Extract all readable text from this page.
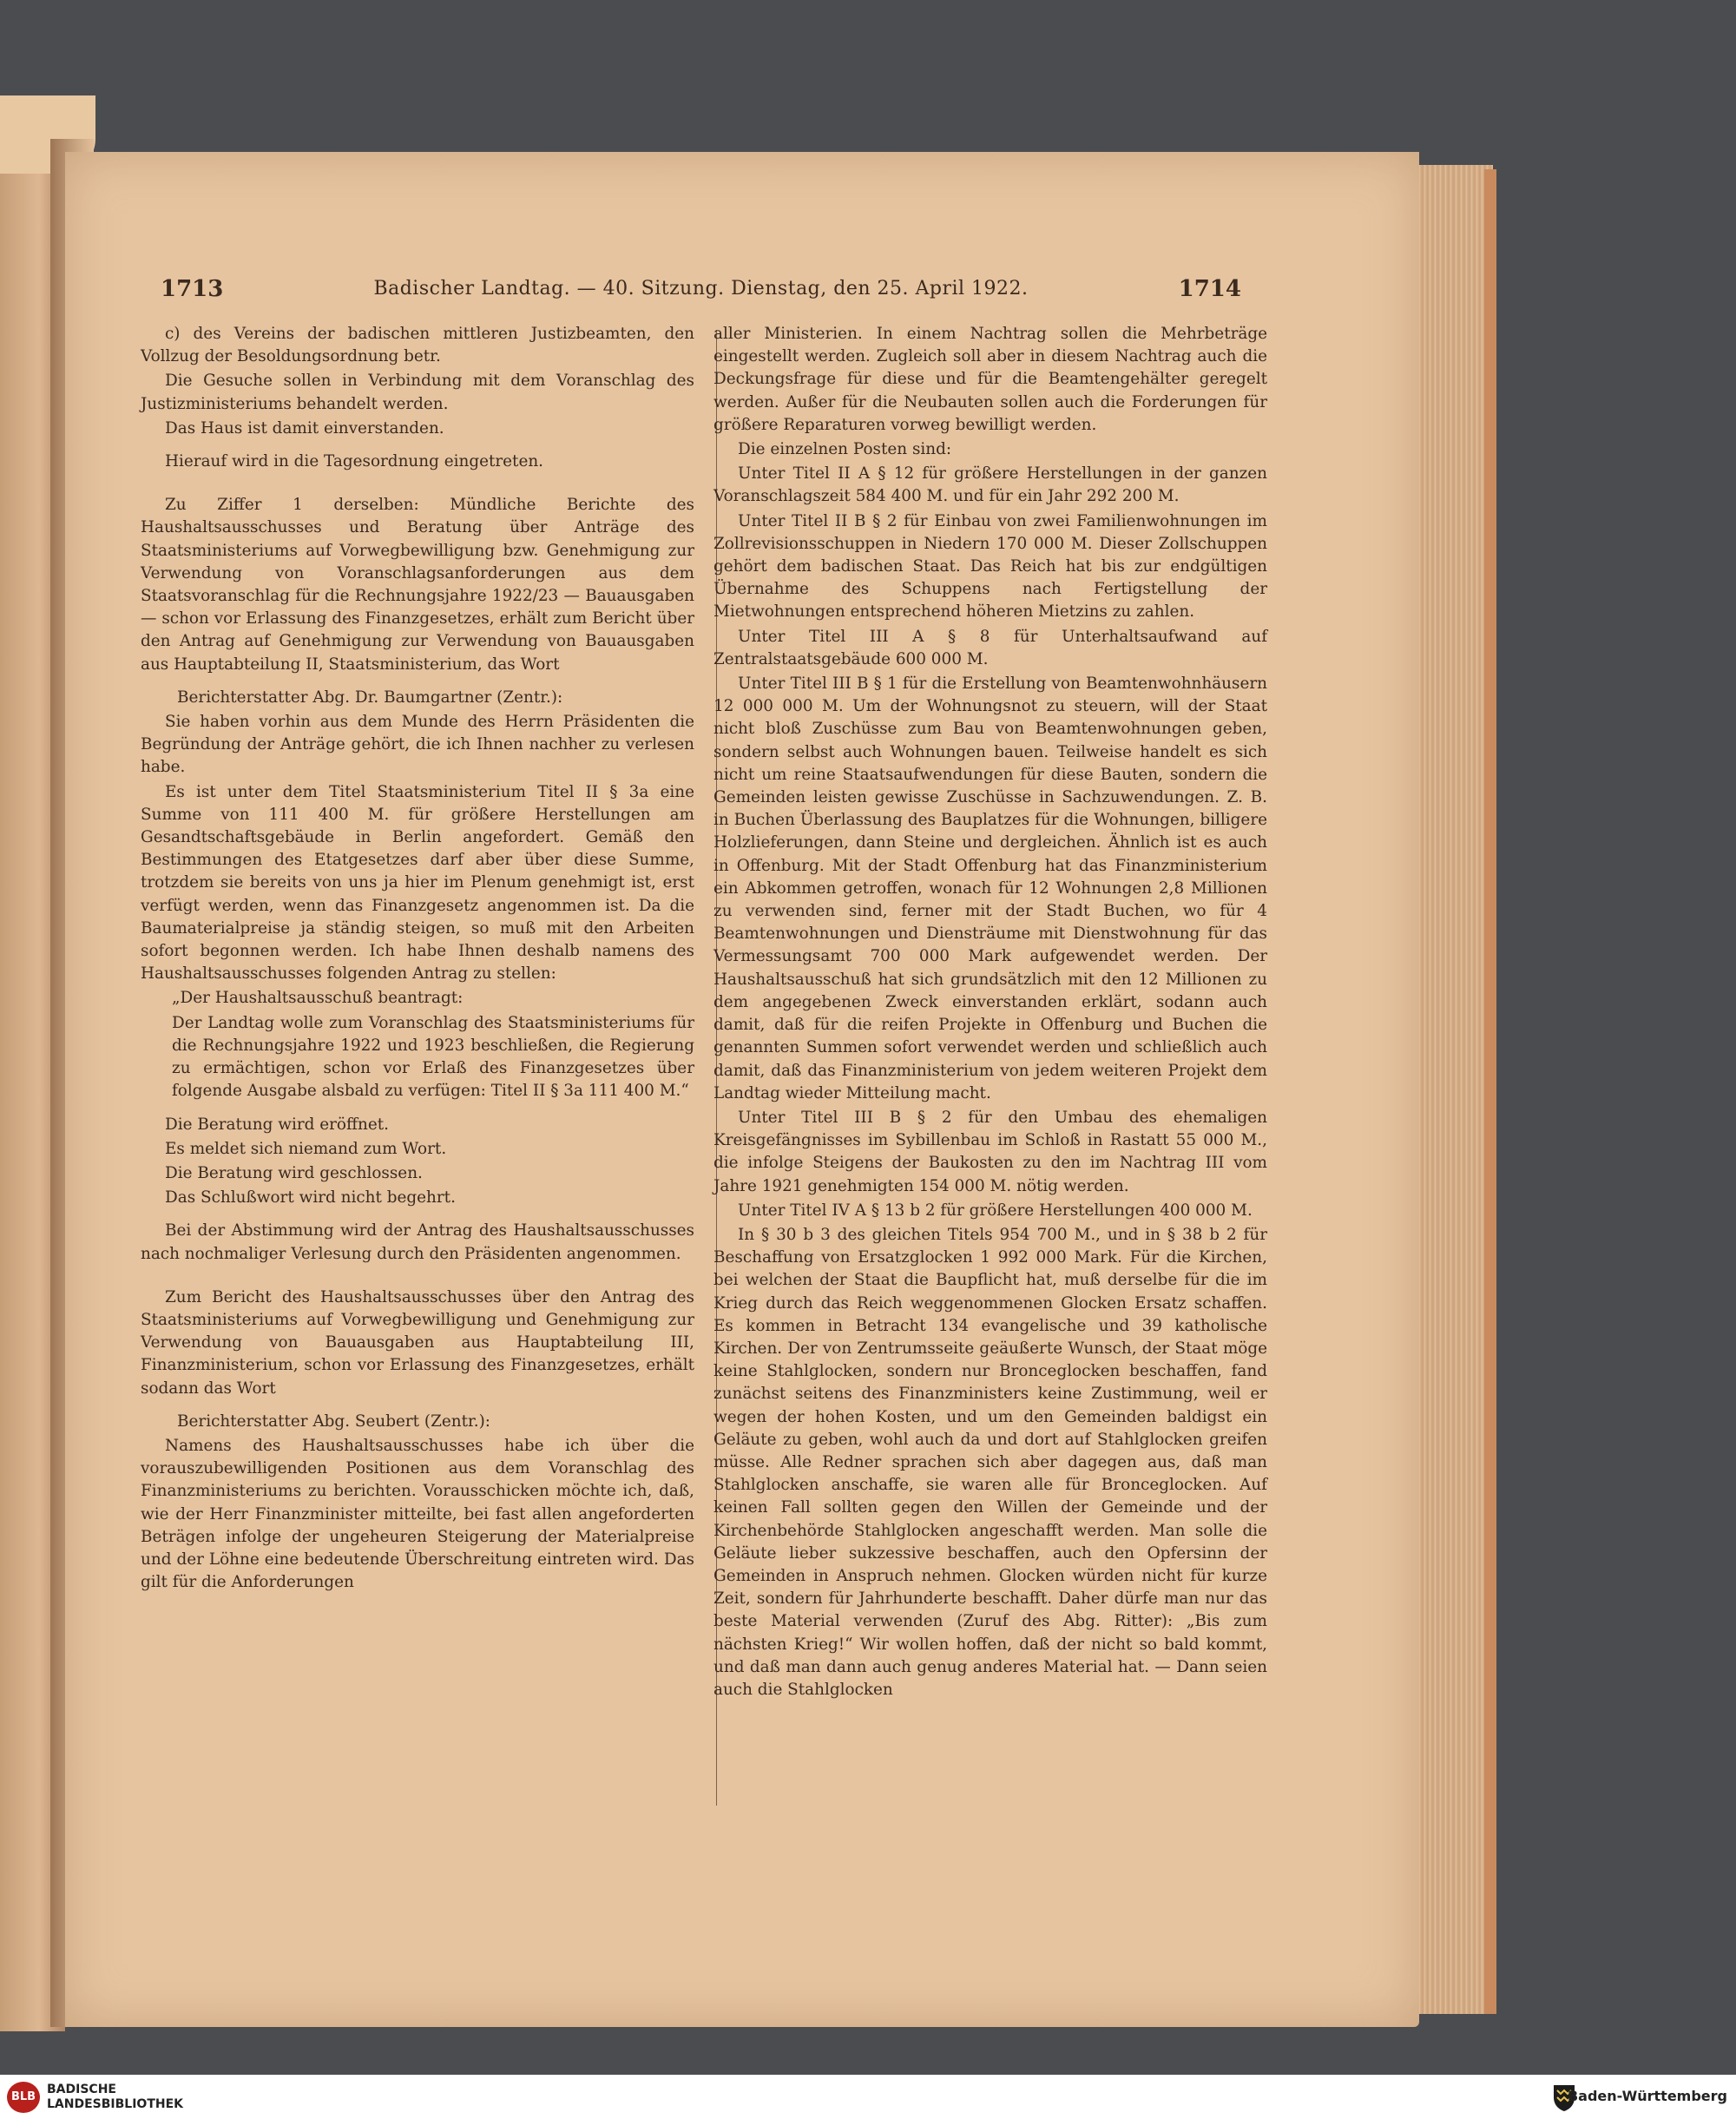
1713	Badischer Landtag. — 40. Sitzung. Dienstag, den 25. April 1922.	1714

c) des Vereins der badischen mittleren Justizbeamten, den Vollzug der Besoldungsordnung betr.

Die Gesuche sollen in Verbindung mit dem Voranschlag des Justizministeriums behandelt werden.

Das Haus ist damit einverstanden.

Hierauf wird in die Tagesordnung eingetreten.

Zu Ziffer 1 derselben: Mündliche Berichte des Haushaltsausschusses und Beratung über Anträge des Staatsministeriums auf Vorwegbewilligung bzw. Genehmigung zur Verwendung von Voranschlagsanforderungen aus dem Staatsvoranschlag für die Rechnungsjahre 1922/23 — Bauausgaben — schon vor Erlassung des Finanzgesetzes, erhält zum Bericht über den Antrag auf Genehmigung zur Verwendung von Bauausgaben aus Hauptabteilung II, Staatsministerium, das Wort

Berichterstatter Abg. Dr. Baumgartner (Zentr.):

Sie haben vorhin aus dem Munde des Herrn Präsidenten die Begründung der Anträge gehört, die ich Ihnen nachher zu verlesen habe.

Es ist unter dem Titel Staatsministerium Titel II § 3a eine Summe von 111 400 M. für größere Herstellungen am Gesandtschaftsgebäude in Berlin angefordert. Gemäß den Bestimmungen des Etatgesetzes darf aber über diese Summe, trotzdem sie bereits von uns ja hier im Plenum genehmigt ist, erst verfügt werden, wenn das Finanzgesetz angenommen ist. Da die Baumaterialpreise ja ständig steigen, so muß mit den Arbeiten sofort begonnen werden. Ich habe Ihnen deshalb namens des Haushaltsausschusses folgenden Antrag zu stellen:

„Der Haushaltsausschuß beantragt:

Der Landtag wolle zum Voranschlag des Staatsministeriums für die Rechnungsjahre 1922 und 1923 beschließen, die Regierung zu ermächtigen, schon vor Erlaß des Finanzgesetzes über folgende Ausgabe alsbald zu verfügen: Titel II § 3a 111 400 M.“

Die Beratung wird eröffnet.

Es meldet sich niemand zum Wort.

Die Beratung wird geschlossen.

Das Schlußwort wird nicht begehrt.

Bei der Abstimmung wird der Antrag des Haushaltsausschusses nach nochmaliger Verlesung durch den Präsidenten angenommen.

Zum Bericht des Haushaltsausschusses über den Antrag des Staatsministeriums auf Vorwegbewilligung und Genehmigung zur Verwendung von Bauausgaben aus Hauptabteilung III, Finanzministerium, schon vor Erlassung des Finanzgesetzes, erhält sodann das Wort

Berichterstatter Abg. Seubert (Zentr.):

Namens des Haushaltsausschusses habe ich über die vorauszubewilligenden Positionen aus dem Voranschlag des Finanzministeriums zu berichten. Vorausschicken möchte ich, daß, wie der Herr Finanzminister mitteilte, bei fast allen angeforderten Beträgen infolge der ungeheuren Steigerung der Materialpreise und der Löhne eine bedeutende Überschreitung eintreten wird. Das gilt für die Anforderungen

aller Ministerien. In einem Nachtrag sollen die Mehrbeträge eingestellt werden. Zugleich soll aber in diesem Nachtrag auch die Deckungsfrage für diese und für die Beamtengehälter geregelt werden. Außer für die Neubauten sollen auch die Forderungen für größere Reparaturen vorweg bewilligt werden.

Die einzelnen Posten sind:

Unter Titel II A § 12 für größere Herstellungen in der ganzen Voranschlagszeit 584 400 M. und für ein Jahr 292 200 M.

Unter Titel II B § 2 für Einbau von zwei Familienwohnungen im Zollrevisionsschuppen in Niedern 170 000 M. Dieser Zollschuppen gehört dem badischen Staat. Das Reich hat bis zur endgültigen Übernahme des Schuppens nach Fertigstellung der Mietwohnungen entsprechend höheren Mietzins zu zahlen.

Unter Titel III A § 8 für Unterhaltsaufwand auf Zentralstaatsgebäude 600 000 M.

Unter Titel III B § 1 für die Erstellung von Beamtenwohnhäusern 12 000 000 M. Um der Wohnungsnot zu steuern, will der Staat nicht bloß Zuschüsse zum Bau von Beamtenwohnungen geben, sondern selbst auch Wohnungen bauen. Teilweise handelt es sich nicht um reine Staatsaufwendungen für diese Bauten, sondern die Gemeinden leisten gewisse Zuschüsse in Sachzuwendungen. Z. B. in Buchen Überlassung des Bauplatzes für die Wohnungen, billigere Holzlieferungen, dann Steine und dergleichen. Ähnlich ist es auch in Offenburg. Mit der Stadt Offenburg hat das Finanzministerium ein Abkommen getroffen, wonach für 12 Wohnungen 2,8 Millionen zu verwenden sind, ferner mit der Stadt Buchen, wo für 4 Beamtenwohnungen und Diensträume mit Dienstwohnung für das Vermessungsamt 700 000 Mark aufgewendet werden. Der Haushaltsausschuß hat sich grundsätzlich mit den 12 Millionen zu dem angegebenen Zweck einverstanden erklärt, sodann auch damit, daß für die reifen Projekte in Offenburg und Buchen die genannten Summen sofort verwendet werden und schließlich auch damit, daß das Finanzministerium von jedem weiteren Projekt dem Landtag wieder Mitteilung macht.

Unter Titel III B § 2 für den Umbau des ehemaligen Kreisgefängnisses im Sybillenbau im Schloß in Rastatt 55 000 M., die infolge Steigens der Baukosten zu den im Nachtrag III vom Jahre 1921 genehmigten 154 000 M. nötig werden.

Unter Titel IV A § 13 b 2 für größere Herstellungen 400 000 M.

In § 30 b 3 des gleichen Titels 954 700 M., und in § 38 b 2 für Beschaffung von Ersatzglocken 1 992 000 Mark. Für die Kirchen, bei welchen der Staat die Baupflicht hat, muß derselbe für die im Krieg durch das Reich weggenommenen Glocken Ersatz schaffen. Es kommen in Betracht 134 evangelische und 39 katholische Kirchen. Der von Zentrumsseite geäußerte Wunsch, der Staat möge keine Stahlglocken, sondern nur Bronceglocken beschaffen, fand zunächst seitens des Finanzministers keine Zustimmung, weil er wegen der hohen Kosten, und um den Gemeinden baldigst ein Geläute zu geben, wohl auch da und dort auf Stahlglocken greifen müsse. Alle Redner sprachen sich aber dagegen aus, daß man Stahlglocken anschaffe, sie waren alle für Bronceglocken. Auf keinen Fall sollten gegen den Willen der Gemeinde und der Kirchenbehörde Stahlglocken angeschafft werden. Man solle die Geläute lieber sukzessive beschaffen, auch den Opfersinn der Gemeinden in Anspruch nehmen. Glocken würden nicht für kurze Zeit, sondern für Jahrhunderte beschafft. Daher dürfe man nur das beste Material verwenden (Zuruf des Abg. Ritter): „Bis zum nächsten Krieg!“ Wir wollen hoffen, daß der nicht so bald kommt, und daß man dann auch genug anderes Material hat. — Dann seien auch die Stahlglocken

BLB
BADISCHE
LANDESBIBLIOTHEK	Baden-Württemberg
